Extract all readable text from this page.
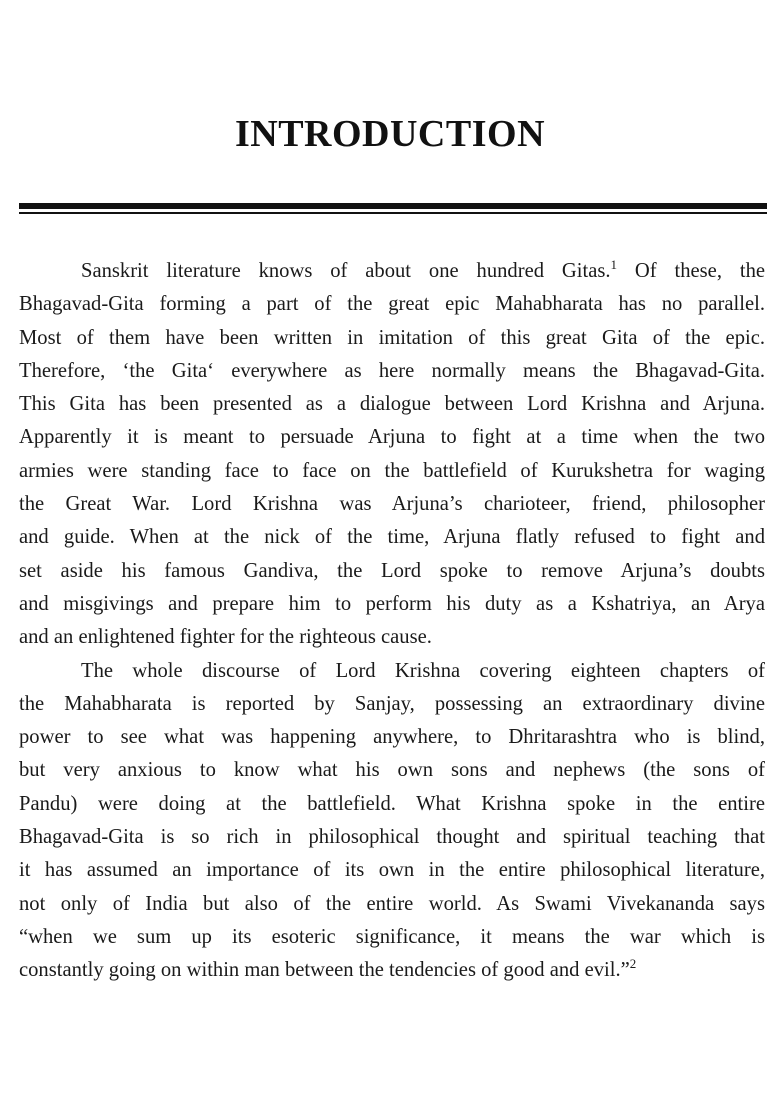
INTRODUCTION
Sanskrit literature knows of about one hundred Gitas.$^1$ Of these, the
Bhagavad-Gita forming a part of the great epic Mahabharata has no parallel.
Most of them have been written in imitation of this great Gita of the epic.
Therefore, ‘the Gita‘ everywhere as here normally means the Bhagavad-Gita.
This Gita has been presented as a dialogue between Lord Krishna and Arjuna.
Apparently it is meant to persuade Arjuna to fight at a time when the two
armies were standing face to face on the battlefield of Kurukshetra for waging
the Great War. Lord Krishna was Arjuna’s charioteer, friend, philosopher
and guide. When at the nick of the time, Arjuna flatly refused to fight and
set aside his famous Gandiva, the Lord spoke to remove Arjuna’s doubts
and misgivings and prepare him to perform his duty as a Kshatriya, an Arya
and an enlightened fighter for the righteous cause.
The whole discourse of Lord Krishna covering eighteen chapters of
the Mahabharata is reported by Sanjay, possessing an extraordinary divine
power to see what was happening anywhere, to Dhritarashtra who is blind,
but very anxious to know what his own sons and nephews (the sons of
Pandu) were doing at the battlefield. What Krishna spoke in the entire
Bhagavad-Gita is so rich in philosophical thought and spiritual teaching that
it has assumed an importance of its own in the entire philosophical literature,
not only of India but also of the entire world. As Swami Vivekananda says
“when we sum up its esoteric significance, it means the war which is
constantly going on within man between the tendencies of good and evil.”$^2$
